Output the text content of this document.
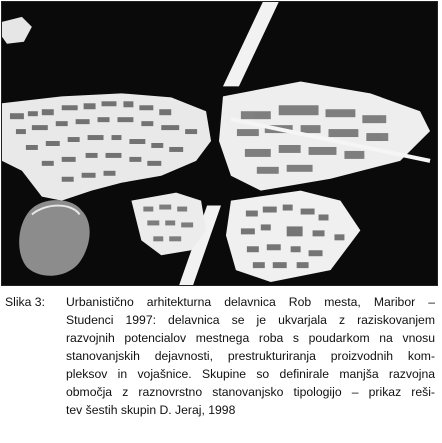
Slika 3:	Urbanistično arhitekturna delavnica Rob mesta, Maribor –
Studenci 1997: delavnica se je ukvarjala z raziskovanjem
razvojnih potencialov mestnega roba s poudarkom na vnosu
stanovanjskih dejavnosti, prestrukturiranja proizvodnih kom-
pleksov in vojašnice. Skupine so definirale manjša razvojna
območja z raznovrstno stanovanjsko tipologijo – prikaz reši-
tev šestih skupin D. Jeraj, 1998
